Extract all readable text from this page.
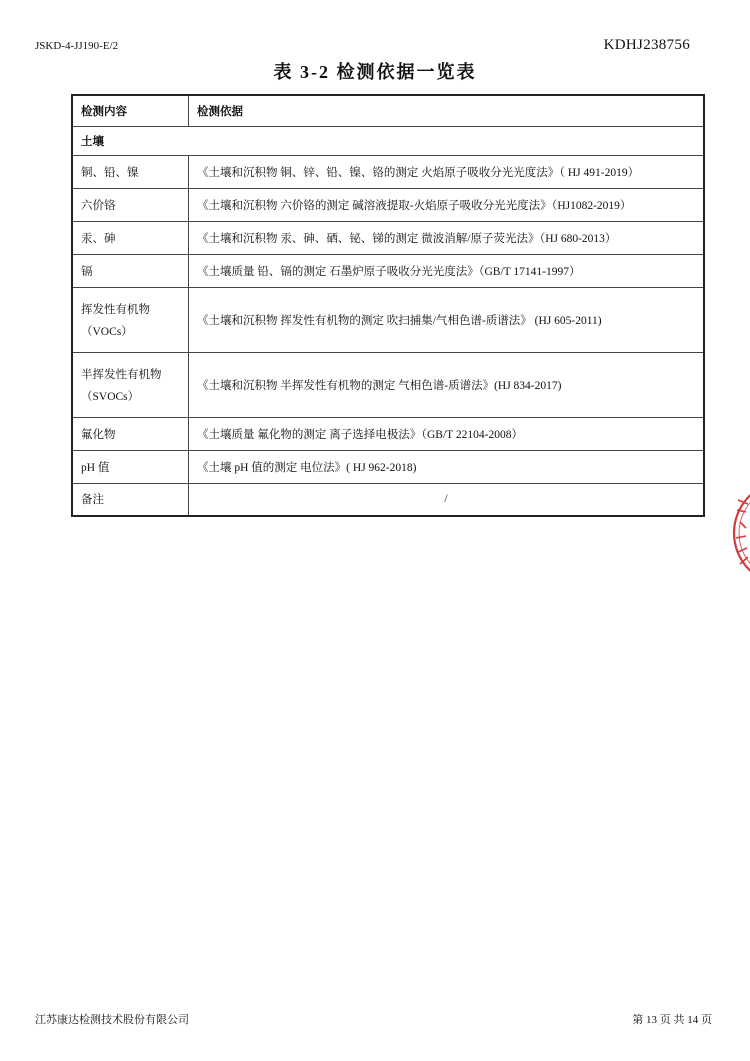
JSKD-4-JJ190-E/2	KDHJ238756
表 3-2 检测依据一览表
检测内容	检测依据
土壤	
铜、铅、镍	《土壤和沉积物 铜、锌、铅、镍、铬的测定 火焰原子吸收分光光度法》（ HJ 491-2019）
六价铬	《土壤和沉积物 六价铬的测定 碱溶液提取-火焰原子吸收分光光度法》（HJ1082-2019）
汞、砷	《土壤和沉积物 汞、砷、硒、铋、锑的测定 微波消解/原子荧光法》（HJ 680-2013）
镉	《土壤质量 铅、镉的测定 石墨炉原子吸收分光光度法》（GB/T 17141-1997）

挥发性有机物
（VOCs）	《土壤和沉积物 挥发性有机物的测定 吹扫捕集/气相色谱-质谱法》 (HJ 605-2011)

半挥发性有机物
（SVOCs）	《土壤和沉积物 半挥发性有机物的测定 气相色谱-质谱法》(HJ 834-2017)
氟化物	《土壤质量 氟化物的测定 离子选择电极法》（GB/T 22104-2008）
pH 值	《土壤 pH 值的测定 电位法》( HJ 962-2018)
备注	/
江苏康达检测技术股份有限公司	第 13 页 共 14 页
